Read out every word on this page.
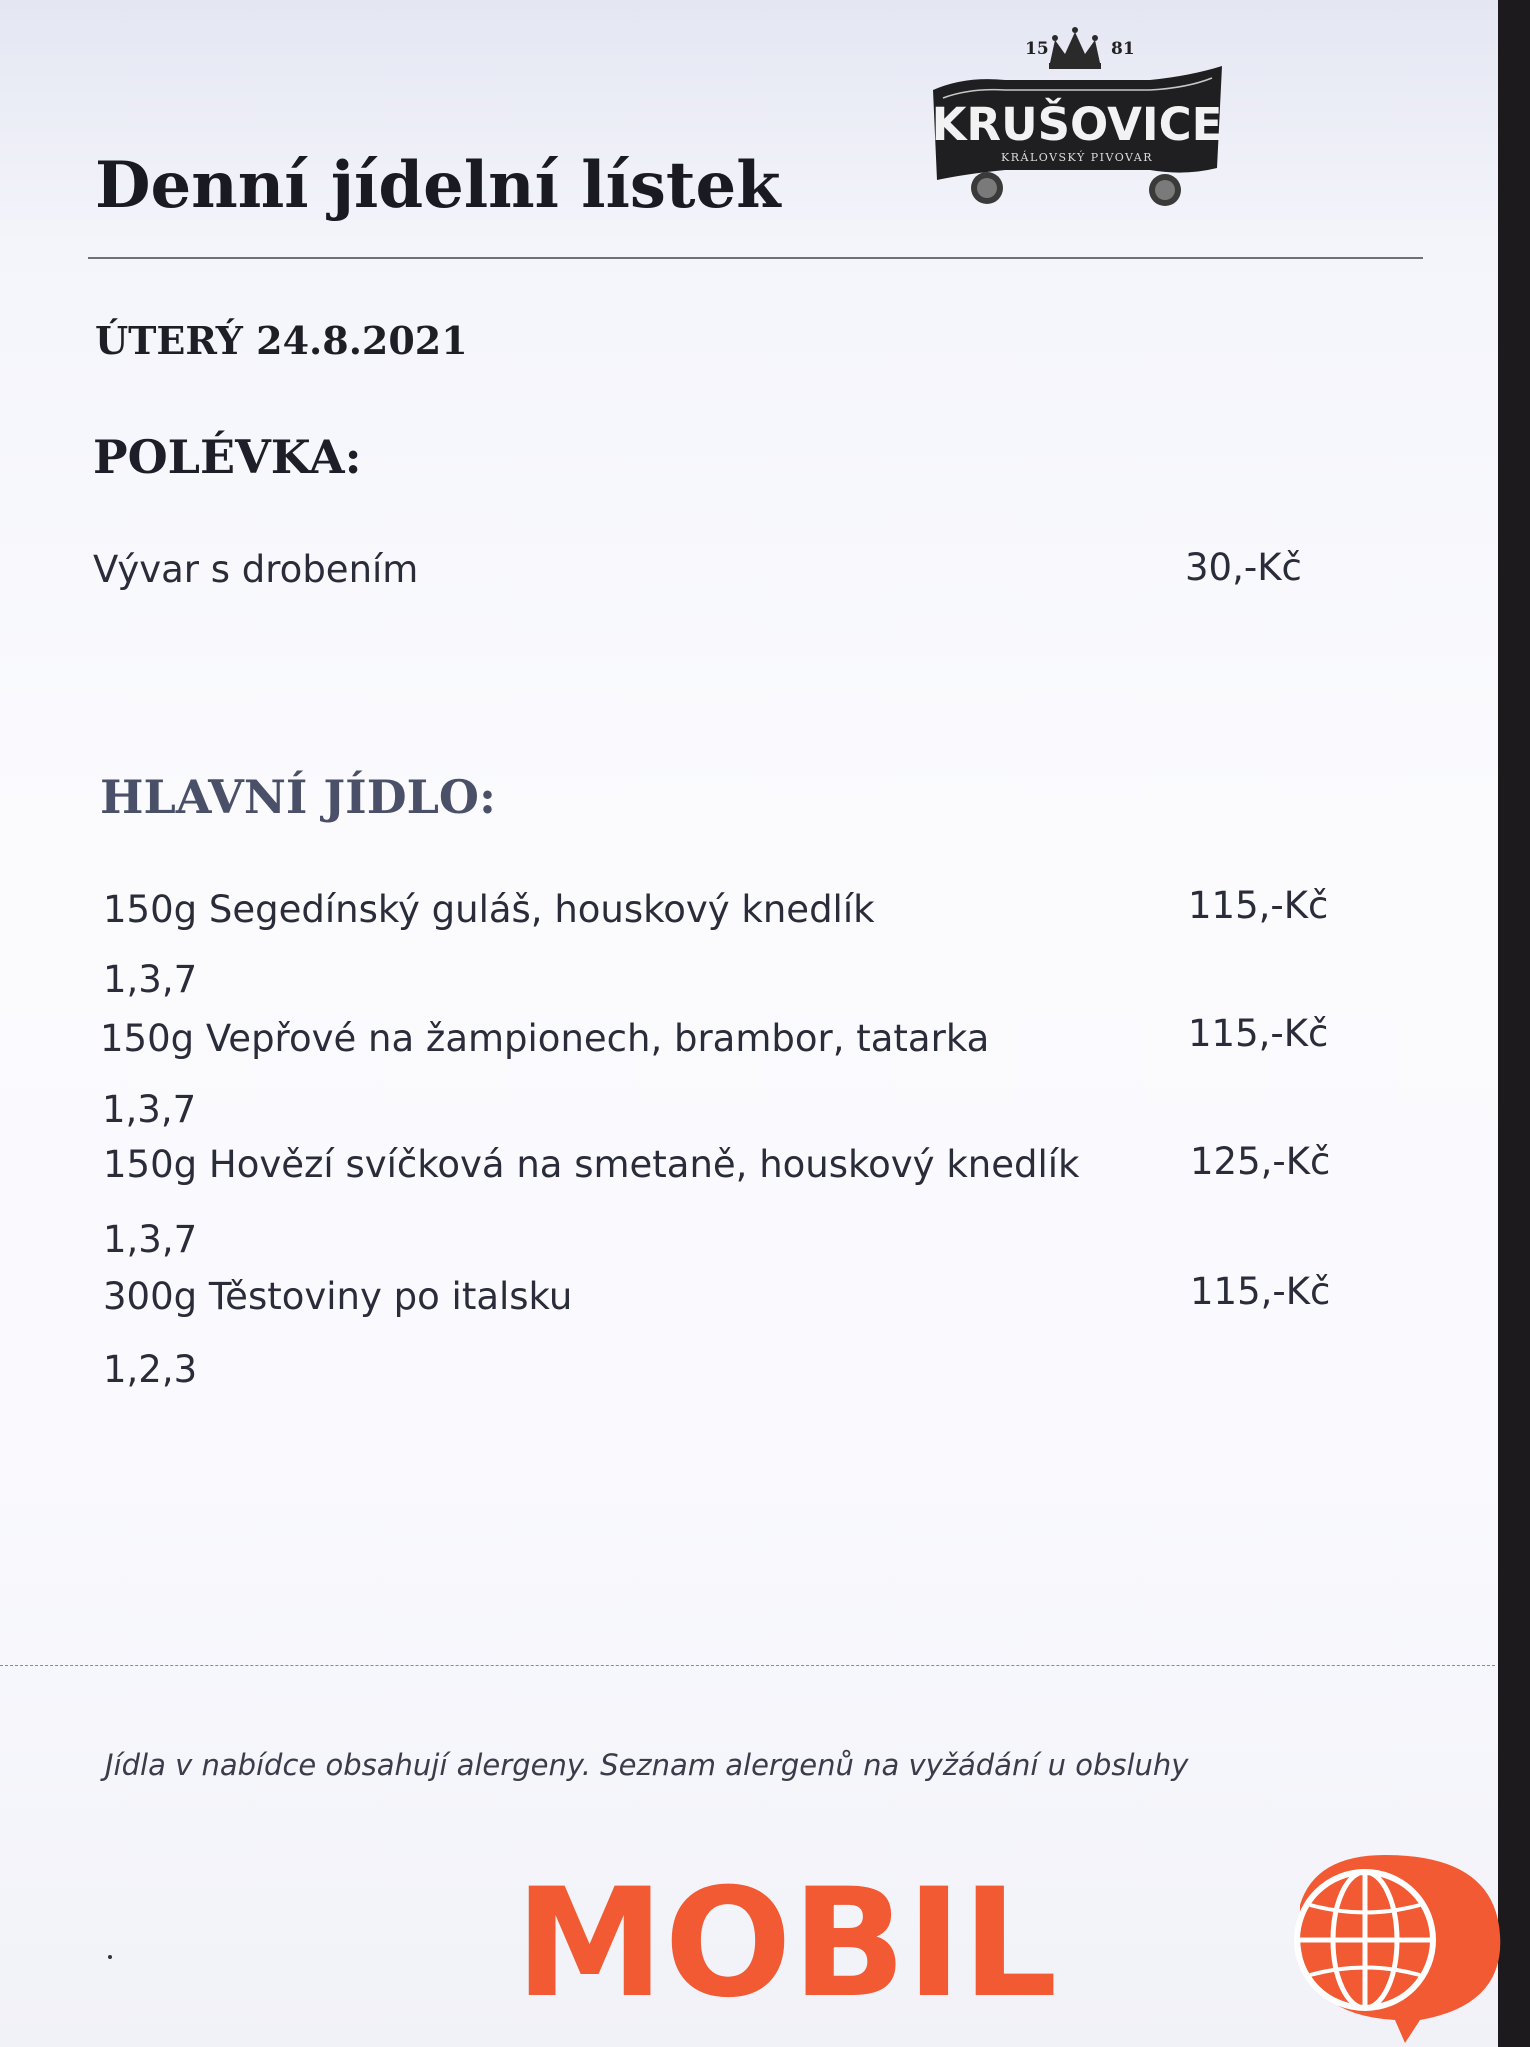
15	81
KRUŠOVICE
KRÁLOVSKÝ PIVOVAR
Denní jídelní lístek
ÚTERÝ 24.8.2021
POLÉVKA:
Vývar s drobením	30,-Kč
HLAVNÍ JÍDLO:
150g Segedínský guláš, houskový knedlík	115,-Kč
1,3,7
150g Vepřové na žampionech, brambor, tatarka	115,-Kč
1,3,7
150g Hovězí svíčková na smetaně, houskový knedlík	125,-Kč
1,3,7
300g Těstoviny po italsku	115,-Kč
1,2,3
Jídla v nabídce obsahují alergeny. Seznam alergenů na vyžádání u obsluhy
MOBIL
